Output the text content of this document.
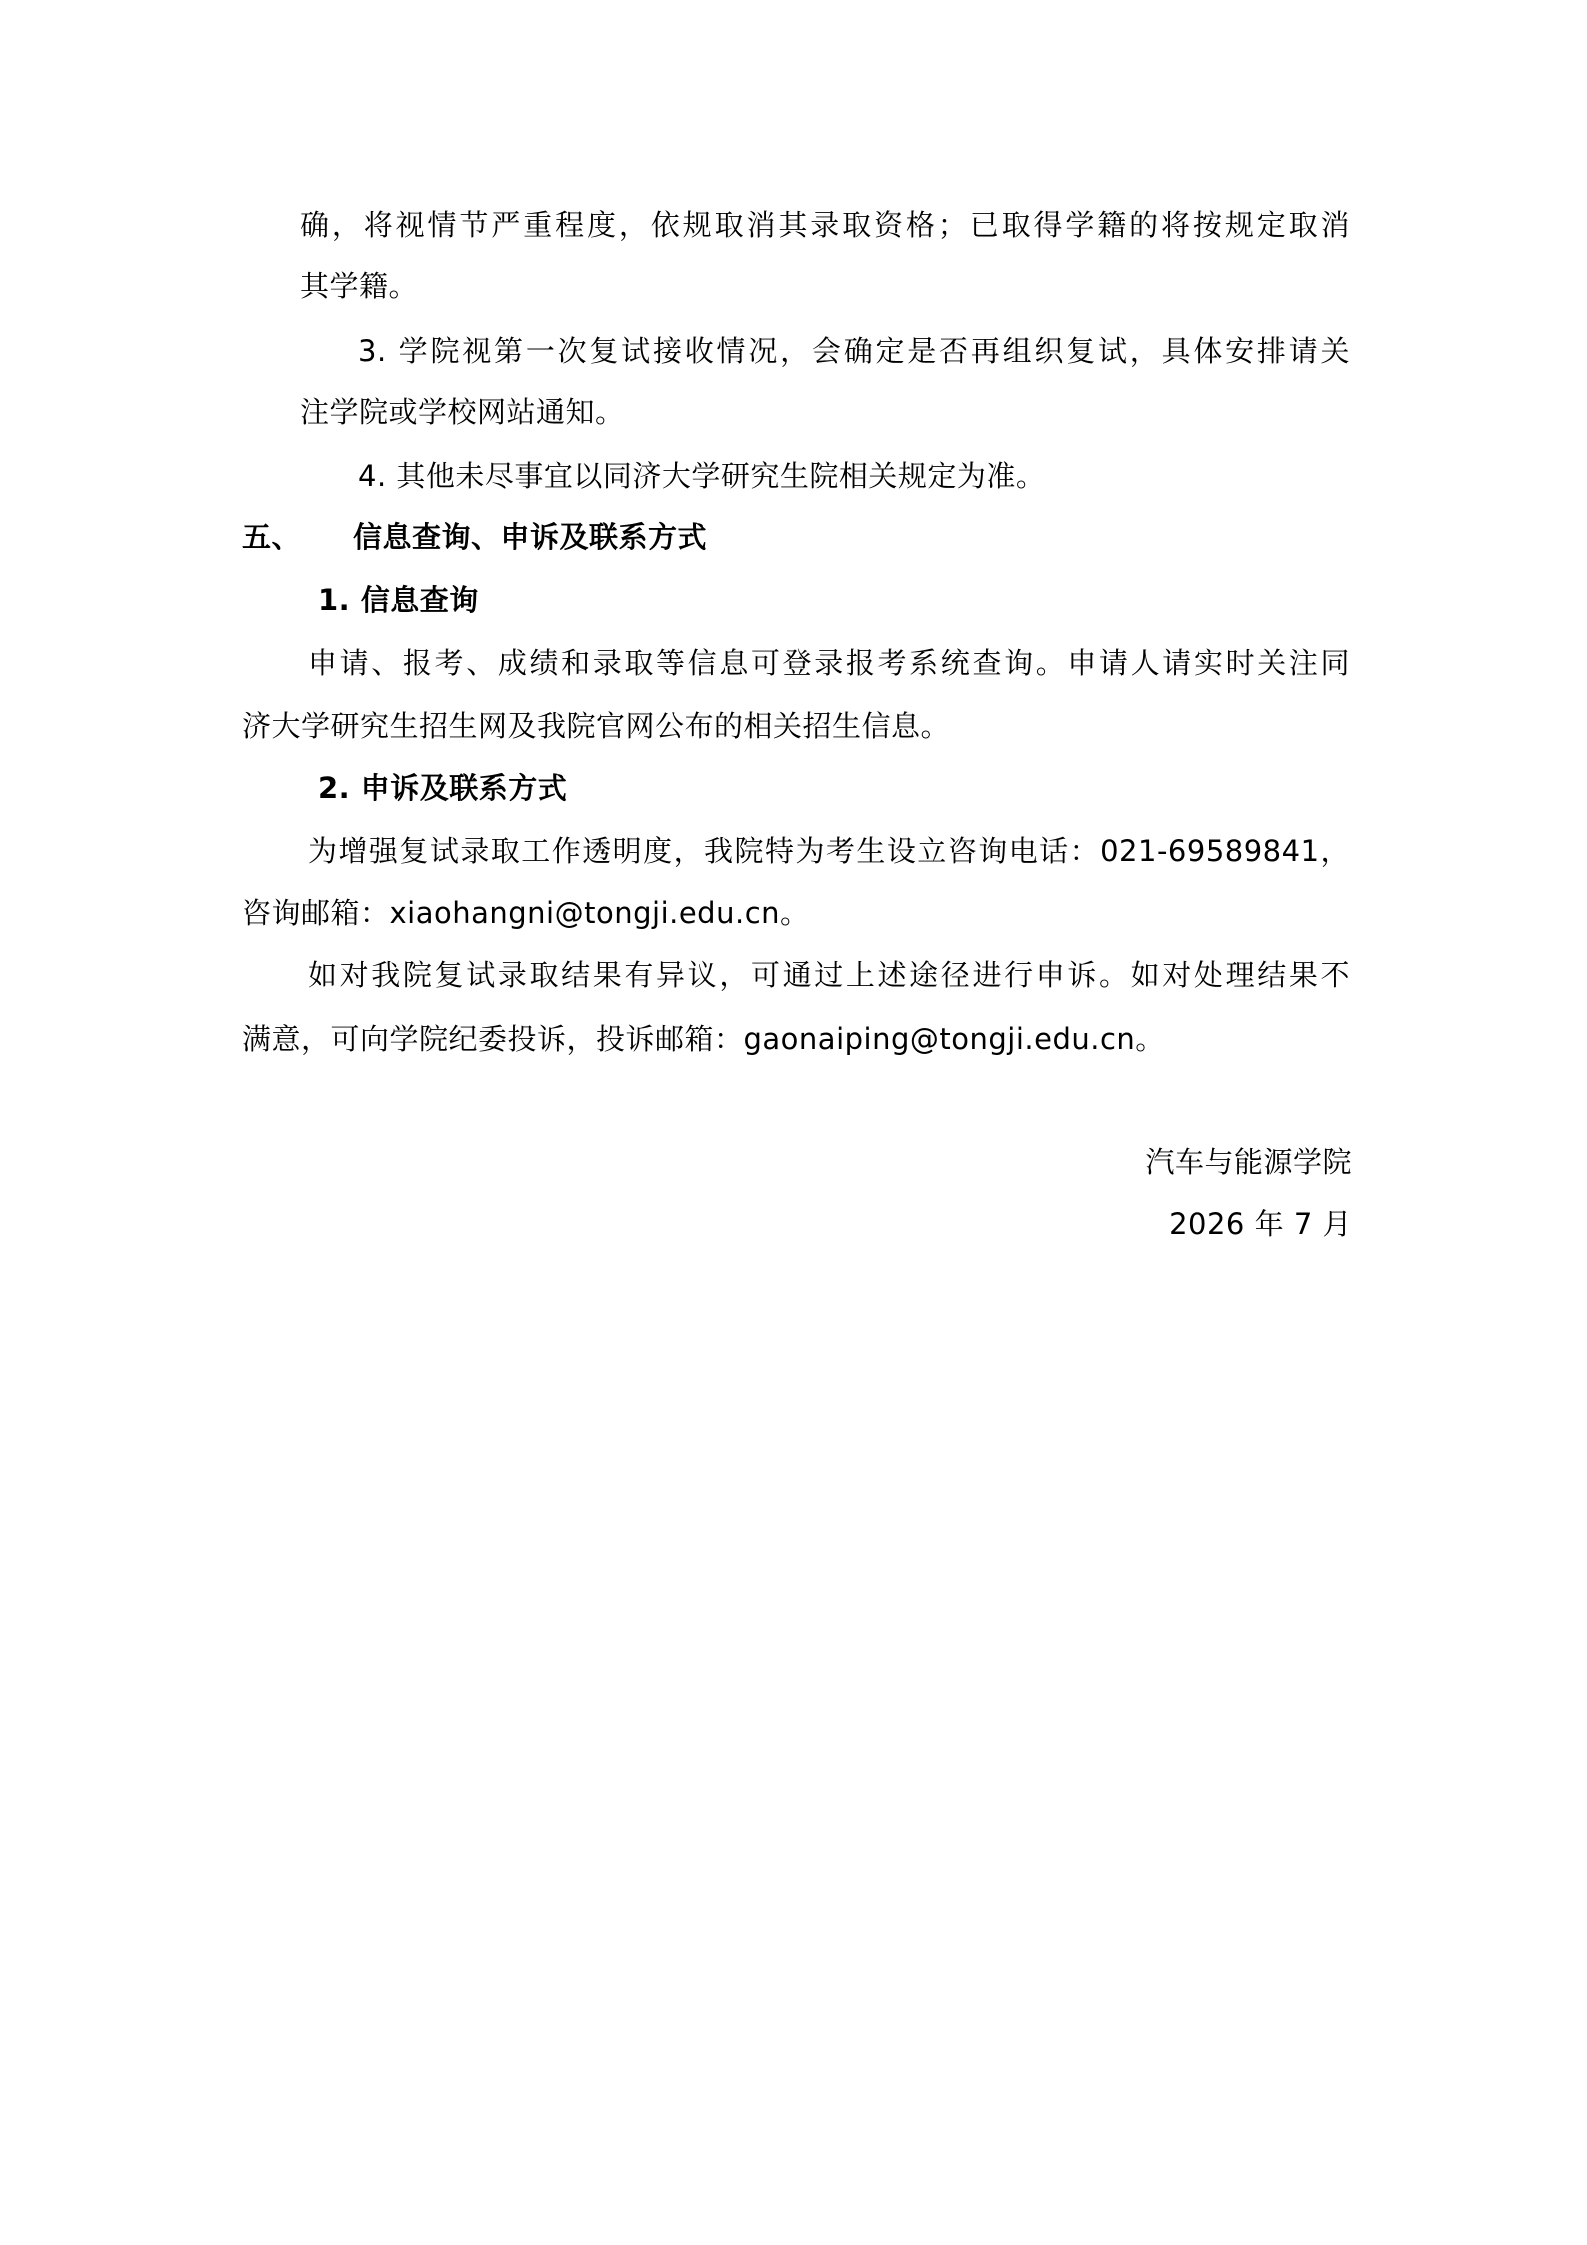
确，将视情节严重程度，依规取消其录取资格；已取得学籍的将按规定取消
其学籍。
3. 学院视第一次复试接收情况，会确定是否再组织复试，具体安排请关
注学院或学校网站通知。
4. 其他未尽事宜以同济大学研究生院相关规定为准。
五、 信息查询、申诉及联系方式
1. 信息查询
申请、报考、成绩和录取等信息可登录报考系统查询。申请人请实时关注同
济大学研究生招生网及我院官网公布的相关招生信息。
2. 申诉及联系方式
为增强复试录取工作透明度，我院特为考生设立咨询电话：021-69589841，
咨询邮箱：xiaohangni@tongji.edu.cn。
如对我院复试录取结果有异议，可通过上述途径进行申诉。如对处理结果不
满意，可向学院纪委投诉，投诉邮箱：gaonaiping@tongji.edu.cn。
汽车与能源学院
2026 年 7 月
